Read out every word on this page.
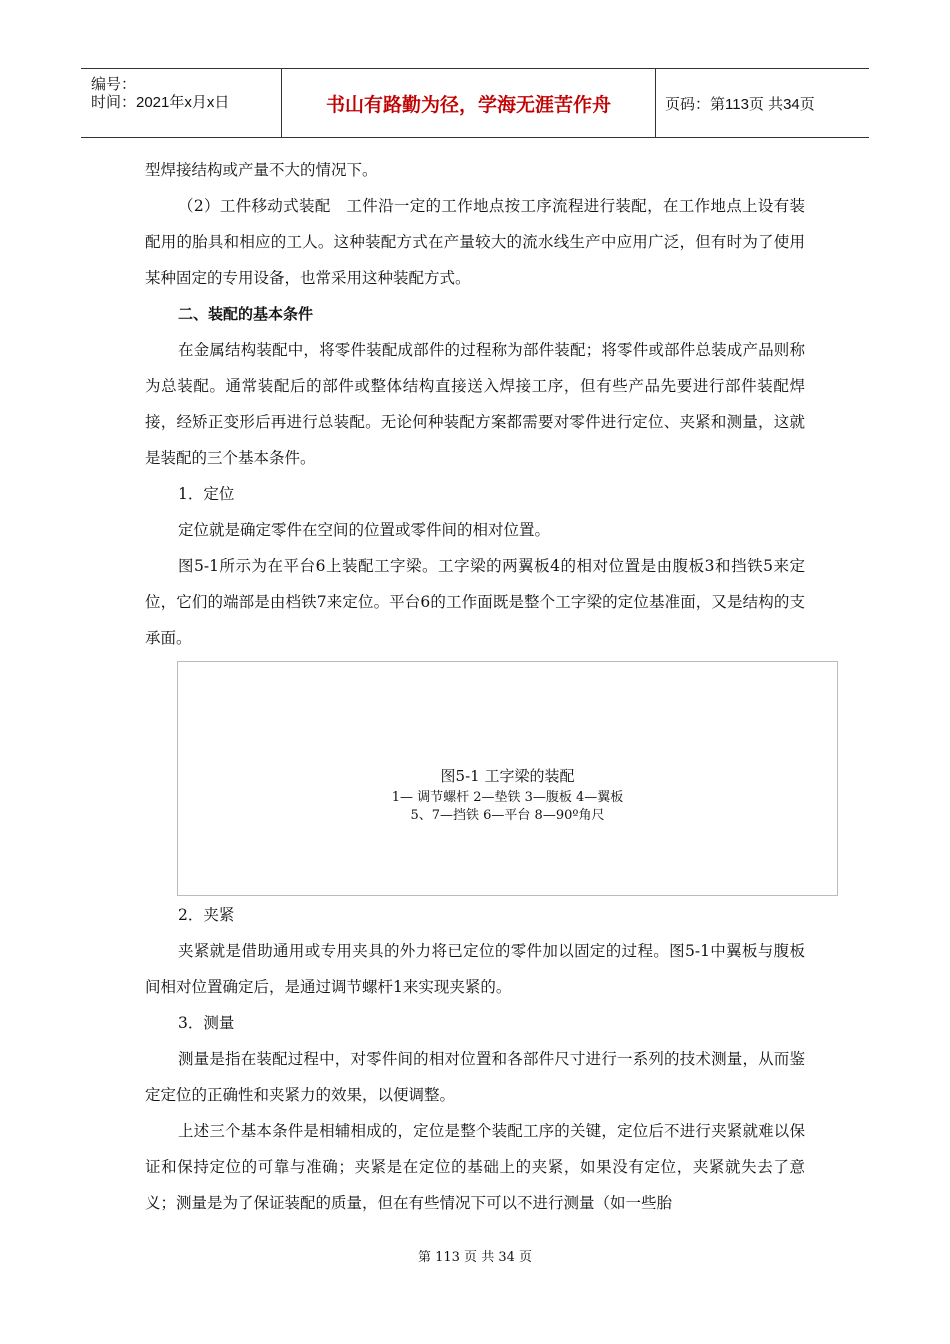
编号：
时间：2021年x月x日	书山有路勤为径，学海无涯苦作舟	页码：第113页 共34页

型焊接结构或产量不大的情况下。

（2）工件移动式装配　工件沿一定的工作地点按工序流程进行装配，在工作地点上设有装配用的胎具和相应的工人。这种装配方式在产量较大的流水线生产中应用广泛，但有时为了使用某种固定的专用设备，也常采用这种装配方式。

二、装配的基本条件

在金属结构装配中，将零件装配成部件的过程称为部件装配；将零件或部件总装成产品则称为总装配。通常装配后的部件或整体结构直接送入焊接工序，但有些产品先要进行部件装配焊接，经矫正变形后再进行总装配。无论何种装配方案都需要对零件进行定位、夹紧和测量，这就是装配的三个基本条件。

1．定位

定位就是确定零件在空间的位置或零件间的相对位置。

图5-1所示为在平台6上装配工字梁。工字梁的两翼板4的相对位置是由腹板3和挡铁5来定位，它们的端部是由档铁7来定位。平台6的工作面既是整个工字梁的定位基准面，又是结构的支承面。

图5-1 工字梁的装配
1— 调节螺杆 2—垫铁 3—腹板 4—翼板
5、7—挡铁 6—平台 8—90º角尺

2．夹紧

夹紧就是借助通用或专用夹具的外力将已定位的零件加以固定的过程。图5-1中翼板与腹板间相对位置确定后，是通过调节螺杆1来实现夹紧的。

3．测量

测量是指在装配过程中，对零件间的相对位置和各部件尺寸进行一系列的技术测量，从而鉴定定位的正确性和夹紧力的效果，以便调整。

上述三个基本条件是相辅相成的，定位是整个装配工序的关键，定位后不进行夹紧就难以保证和保持定位的可靠与准确；夹紧是在定位的基础上的夹紧，如果没有定位，夹紧就失去了意义；测量是为了保证装配的质量，但在有些情况下可以不进行测量（如一些胎

第 113 页 共 34 页
